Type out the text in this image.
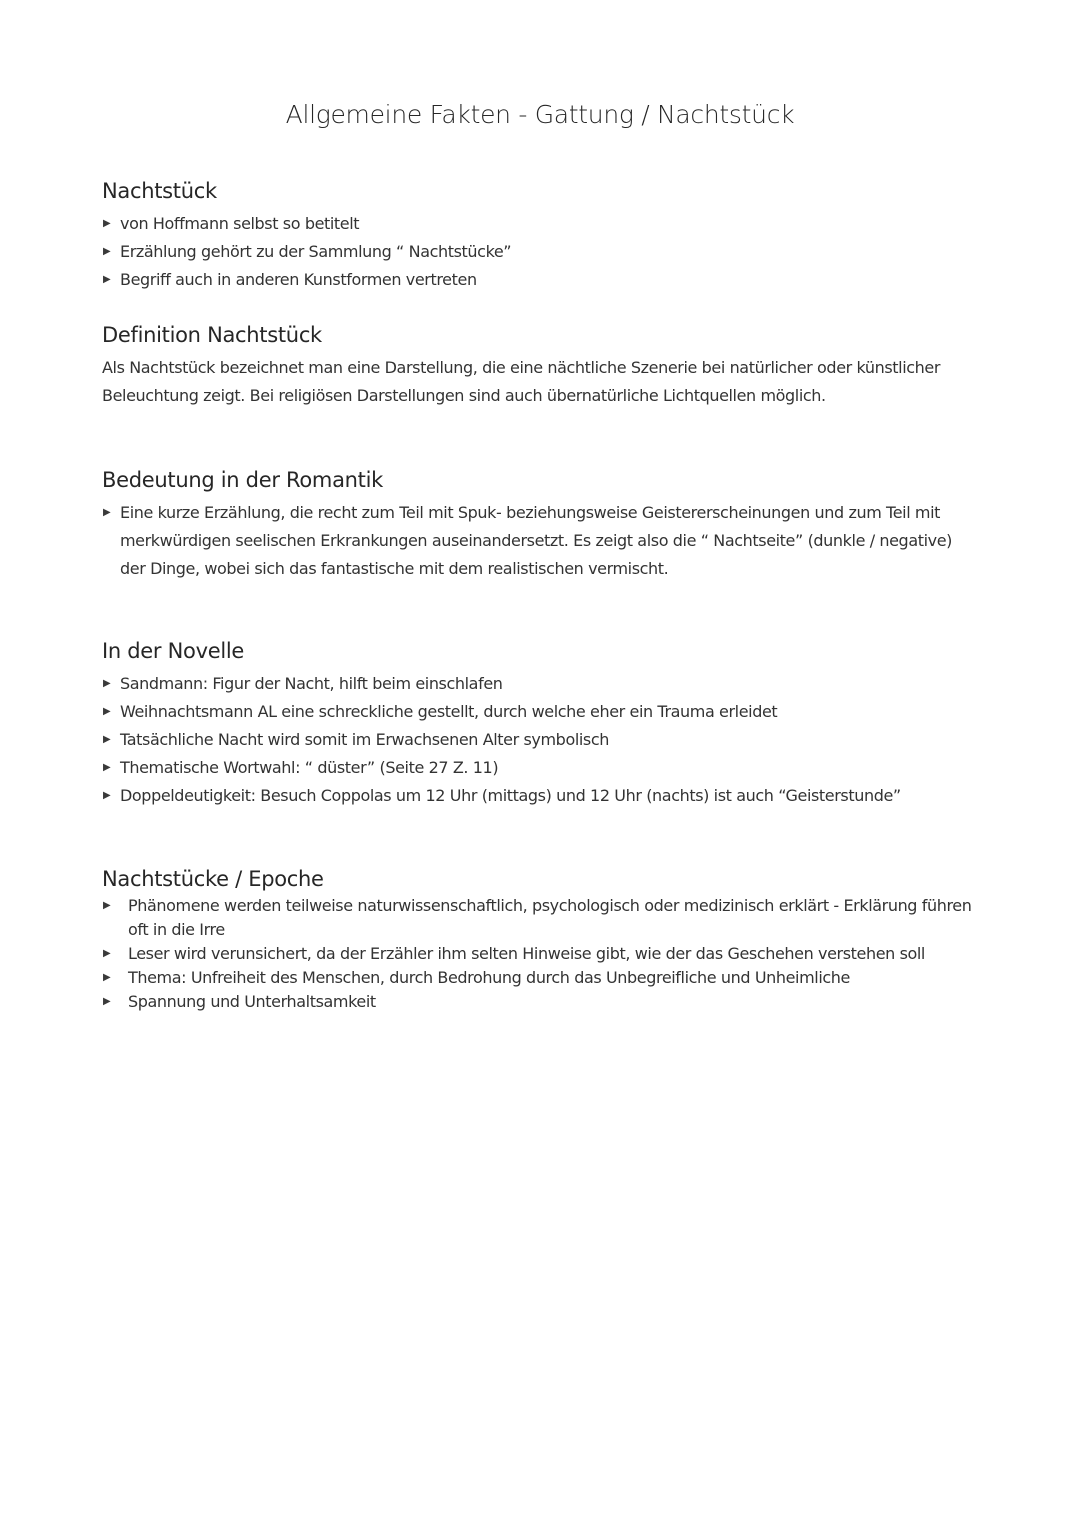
Allgemeine Fakten - Gattung / Nachtstück
Nachtstück
▶ von Hoffmann selbst so betitelt
▶ Erzählung gehört zu der Sammlung “ Nachtstücke”
▶ Begriff auch in anderen Kunstformen vertreten
Definition Nachtstück

Als Nachtstück bezeichnet man eine Darstellung, die eine nächtliche Szenerie bei natürlicher oder künstlicher Beleuchtung zeigt. Bei religiösen Darstellungen sind auch übernatürliche Lichtquellen möglich.

Bedeutung in der Romantik
▶ Eine kurze Erzählung, die recht zum Teil mit Spuk- beziehungsweise Geistererscheinungen und zum Teil mit merkwürdigen seelischen Erkrankungen auseinandersetzt. Es zeigt also die “ Nachtseite” (dunkle / negative) der Dinge, wobei sich das fantastische mit dem realistischen vermischt.
In der Novelle
▶ Sandmann: Figur der Nacht, hilft beim einschlafen
▶ Weihnachtsmann AL eine schreckliche gestellt, durch welche eher ein Trauma erleidet
▶ Tatsächliche Nacht wird somit im Erwachsenen Alter symbolisch
▶ Thematische Wortwahl: “ düster” (Seite 27 Z. 11)
▶ Doppeldeutigkeit: Besuch Coppolas um 12 Uhr (mittags) und 12 Uhr (nachts) ist auch “Geisterstunde”
Nachtstücke / Epoche
▶ Phänomene werden teilweise naturwissenschaftlich, psychologisch oder medizinisch erklärt - Erklärung führen oft in die Irre
▶ Leser wird verunsichert, da der Erzähler ihm selten Hinweise gibt, wie der das Geschehen verstehen soll
▶ Thema: Unfreiheit des Menschen, durch Bedrohung durch das Unbegreifliche und Unheimliche
▶ Spannung und Unterhaltsamkeit
